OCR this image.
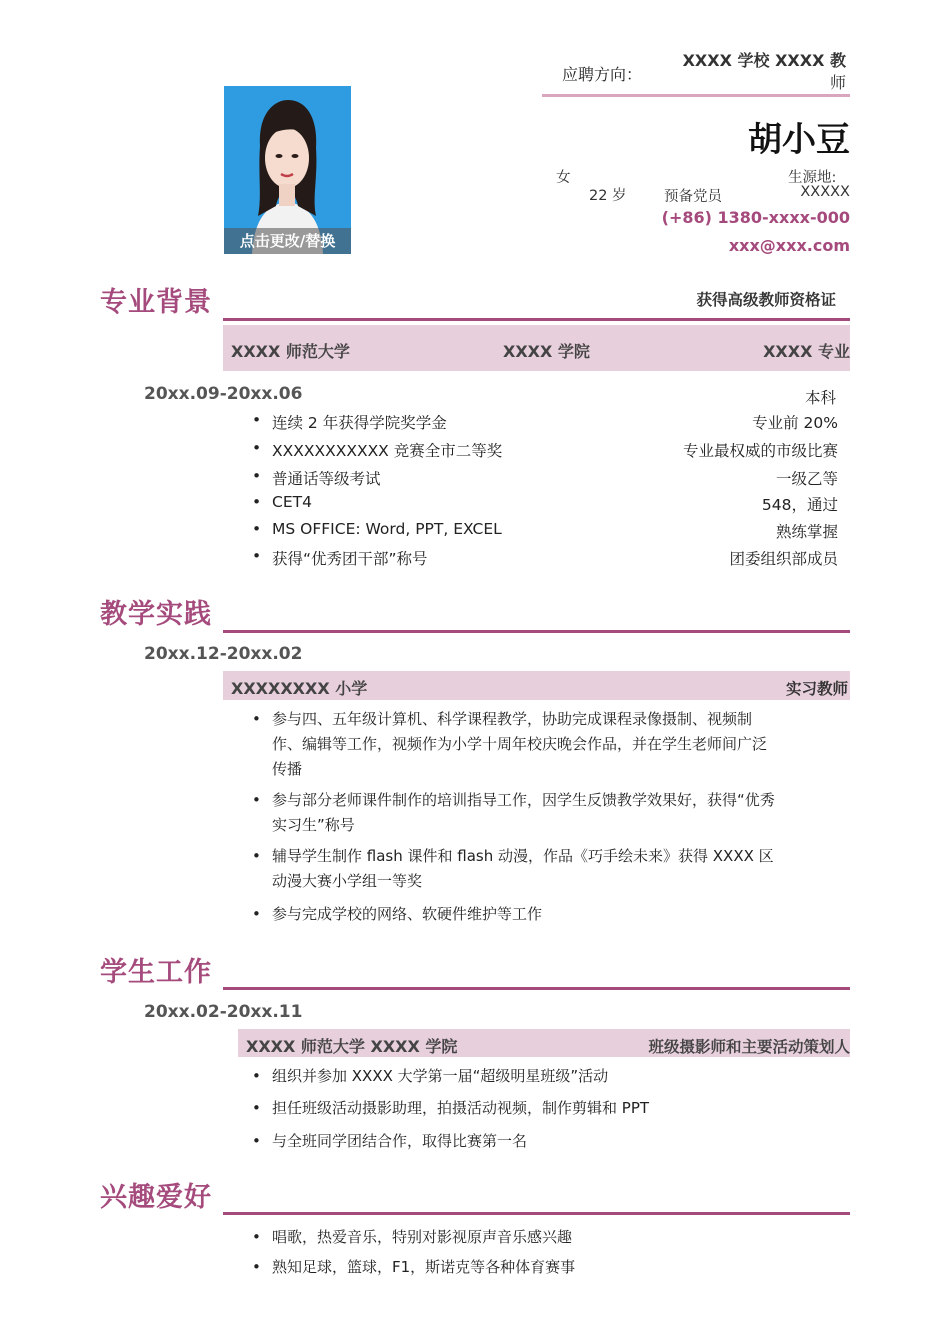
应聘方向：
XXXX 学校 XXXX 教
师
点击更改/替换
胡小豆
女
22 岁	预备党员
生源地:
XXXXX
(+86) 1380-xxxx-000
xxx@xxx.com
专业背景	获得高级教师资格证
XXXX 师范大学	XXXX 学院	XXXX 专业
20xx.09-20xx.06	本科
• 连续 2 年获得学院奖学金	专业前 20%
• XXXXXXXXXXX 竞赛全市二等奖	专业最权威的市级比赛
• 普通话等级考试	一级乙等
• CET4	548，通过
• MS OFFICE: Word, PPT, EXCEL	熟练掌握
• 获得“优秀团干部”称号	团委组织部成员
教学实践
20xx.12-20xx.02
XXXXXXXX 小学	实习教师
• 参与四、五年级计算机、科学课程教学，协助完成课程录像摄制、视频制作、编辑等工作，视频作为小学十周年校庆晚会作品，并在学生老师间广泛传播
• 参与部分老师课件制作的培训指导工作，因学生反馈教学效果好，获得“优秀实习生”称号
• 辅导学生制作 flash 课件和 flash 动漫，作品《巧手绘未来》获得 XXXX 区动漫大赛小学组一等奖
• 参与完成学校的网络、软硬件维护等工作
学生工作
20xx.02-20xx.11
XXXX 师范大学 XXXX 学院	班级摄影师和主要活动策划人
• 组织并参加 XXXX 大学第一届“超级明星班级”活动
• 担任班级活动摄影助理，拍摄活动视频，制作剪辑和 PPT
• 与全班同学团结合作，取得比赛第一名
兴趣爱好
• 唱歌，热爱音乐，特别对影视原声音乐感兴趣
• 熟知足球，篮球，F1，斯诺克等各种体育赛事
